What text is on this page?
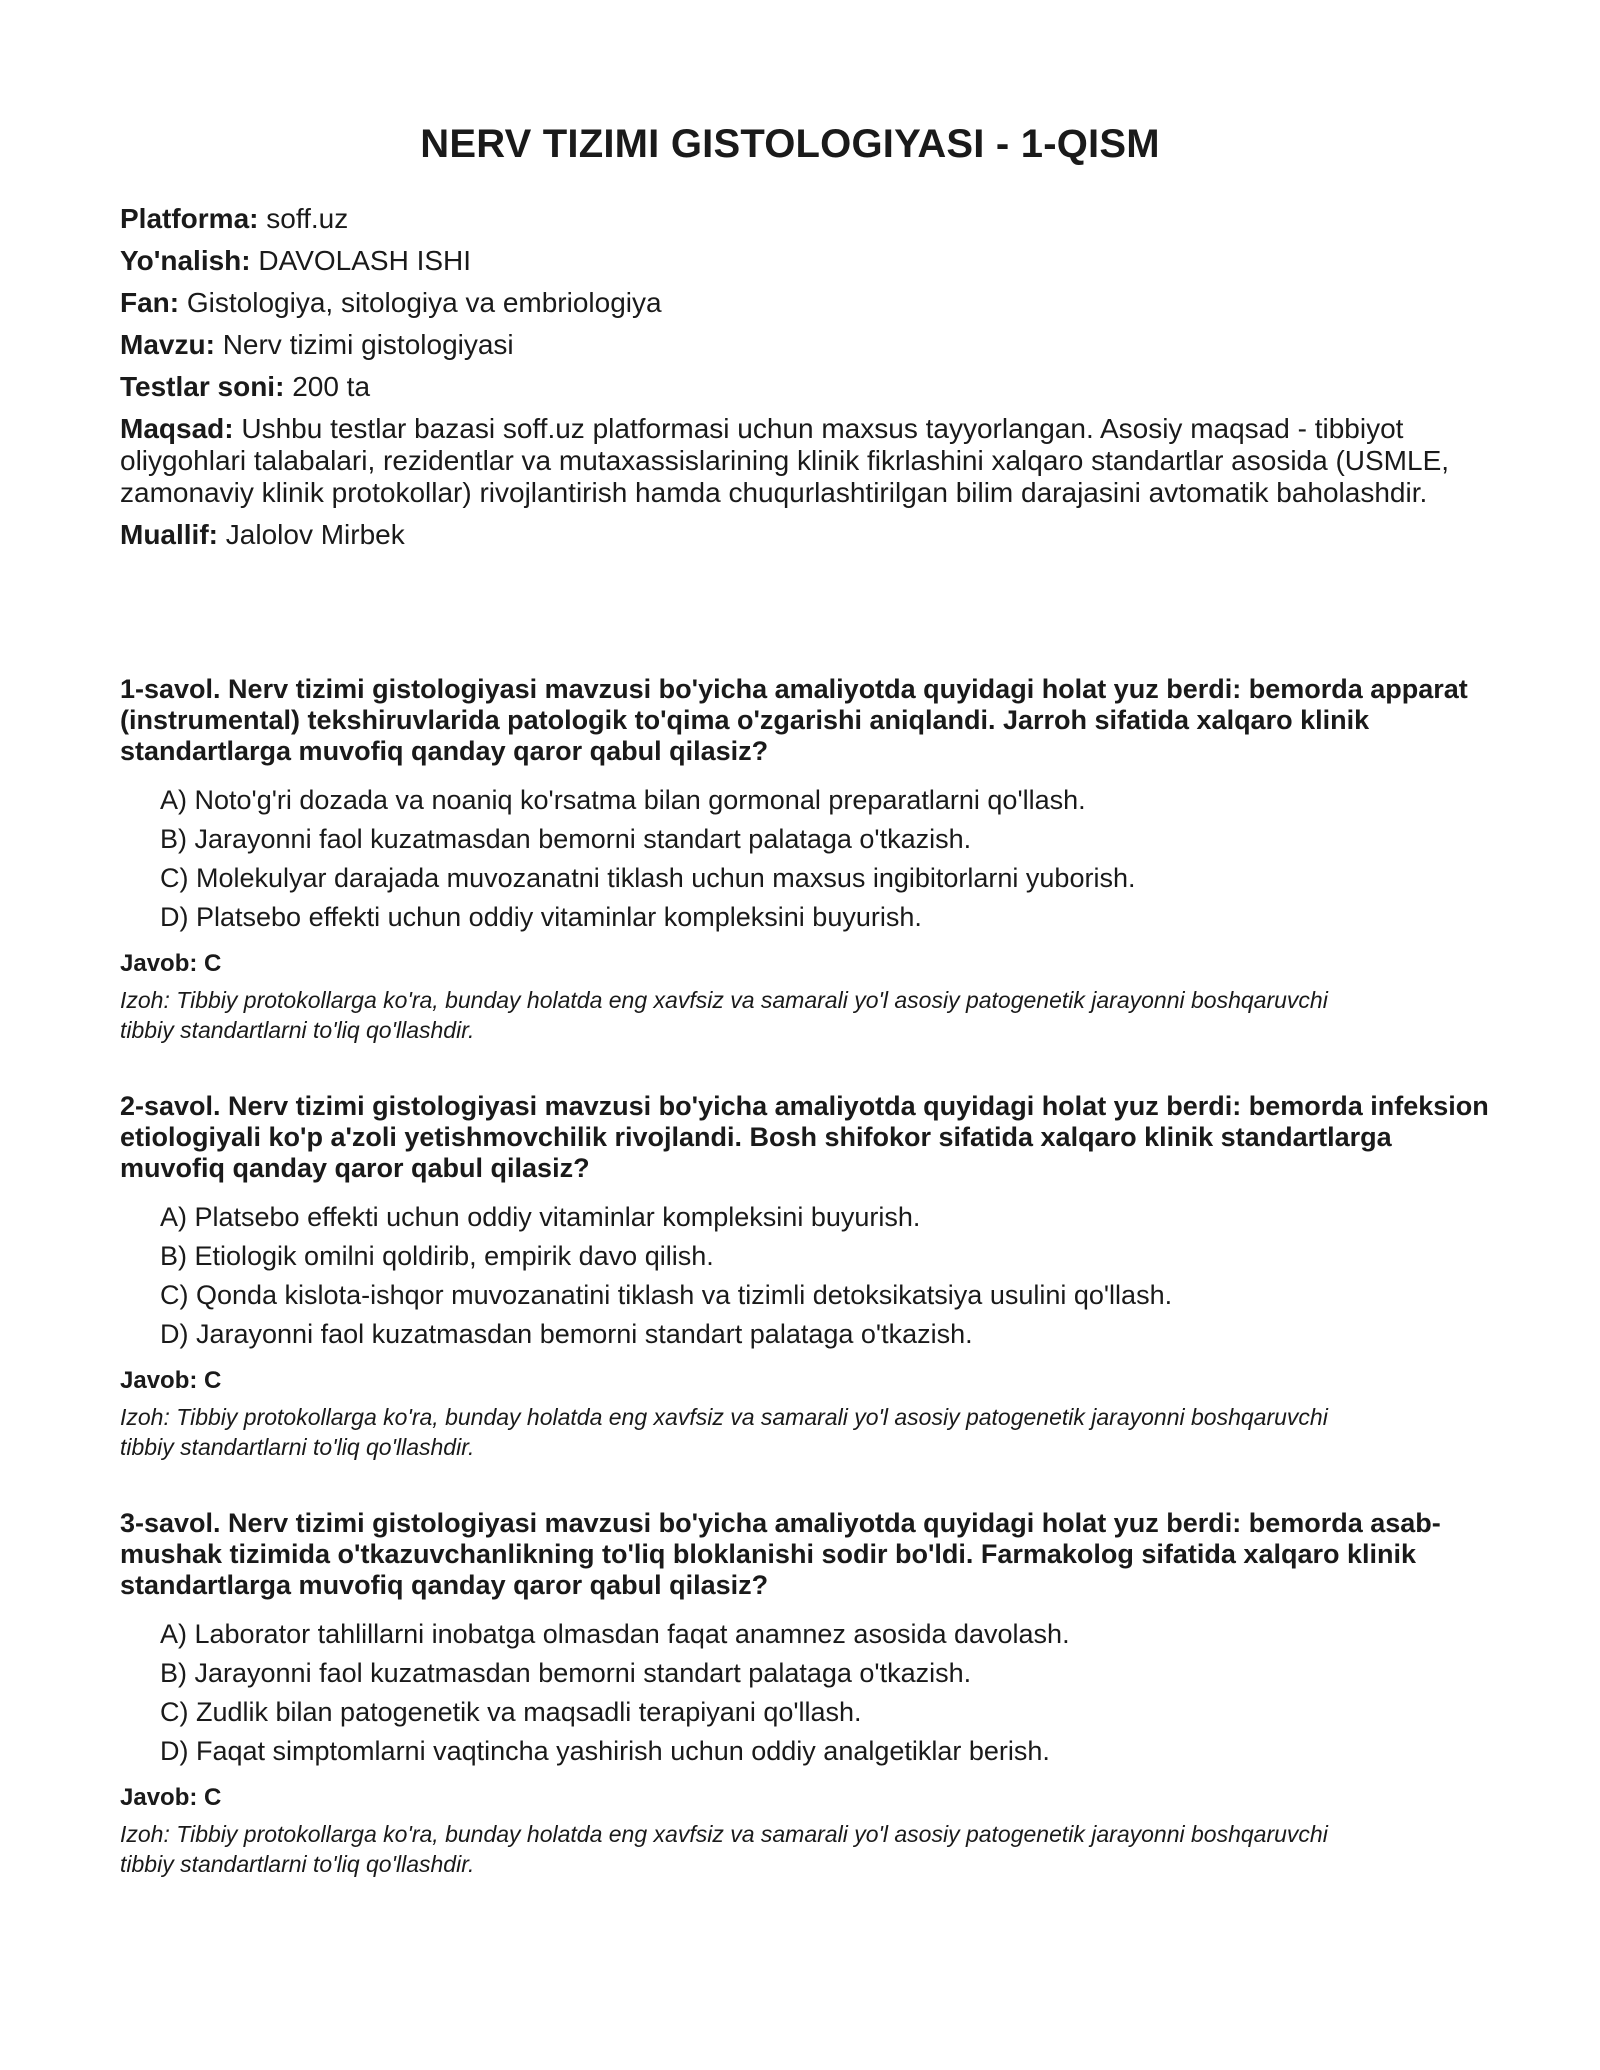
NERV TIZIMI GISTOLOGIYASI - 1-QISM

Platforma: soff.uz

Yo'nalish: DAVOLASH ISHI

Fan: Gistologiya, sitologiya va embriologiya

Mavzu: Nerv tizimi gistologiyasi

Testlar soni: 200 ta

Maqsad: Ushbu testlar bazasi soff.uz platformasi uchun maxsus tayyorlangan. Asosiy maqsad - tibbiyot oliygohlari talabalari, rezidentlar va mutaxassislarining klinik fikrlashini xalqaro standartlar asosida (USMLE, zamonaviy klinik protokollar) rivojlantirish hamda chuqurlashtirilgan bilim darajasini avtomatik baholashdir.

Muallif: Jalolov Mirbek

1-savol. Nerv tizimi gistologiyasi mavzusi bo'yicha amaliyotda quyidagi holat yuz berdi: bemorda apparat (instrumental) tekshiruvlarida patologik to'qima o'zgarishi aniqlandi. Jarroh sifatida xalqaro klinik standartlarga muvofiq qanday qaror qabul qilasiz?

A) Noto'g'ri dozada va noaniq ko'rsatma bilan gormonal preparatlarni qo'llash.
B) Jarayonni faol kuzatmasdan bemorni standart palataga o'tkazish.
C) Molekulyar darajada muvozanatni tiklash uchun maxsus ingibitorlarni yuborish.
D) Platsebo effekti uchun oddiy vitaminlar kompleksini buyurish.

Javob: C

Izoh: Tibbiy protokollarga ko'ra, bunday holatda eng xavfsiz va samarali yo'l asosiy patogenetik jarayonni boshqaruvchi tibbiy standartlarni to'liq qo'llashdir.

2-savol. Nerv tizimi gistologiyasi mavzusi bo'yicha amaliyotda quyidagi holat yuz berdi: bemorda infeksion etiologiyali ko'p a'zoli yetishmovchilik rivojlandi. Bosh shifokor sifatida xalqaro klinik standartlarga muvofiq qanday qaror qabul qilasiz?

A) Platsebo effekti uchun oddiy vitaminlar kompleksini buyurish.
B) Etiologik omilni qoldirib, empirik davo qilish.
C) Qonda kislota-ishqor muvozanatini tiklash va tizimli detoksikatsiya usulini qo'llash.
D) Jarayonni faol kuzatmasdan bemorni standart palataga o'tkazish.

Javob: C

Izoh: Tibbiy protokollarga ko'ra, bunday holatda eng xavfsiz va samarali yo'l asosiy patogenetik jarayonni boshqaruvchi tibbiy standartlarni to'liq qo'llashdir.

3-savol. Nerv tizimi gistologiyasi mavzusi bo'yicha amaliyotda quyidagi holat yuz berdi: bemorda asab-mushak tizimida o'tkazuvchanlikning to'liq bloklanishi sodir bo'ldi. Farmakolog sifatida xalqaro klinik standartlarga muvofiq qanday qaror qabul qilasiz?

A) Laborator tahlillarni inobatga olmasdan faqat anamnez asosida davolash.
B) Jarayonni faol kuzatmasdan bemorni standart palataga o'tkazish.
C) Zudlik bilan patogenetik va maqsadli terapiyani qo'llash.
D) Faqat simptomlarni vaqtincha yashirish uchun oddiy analgetiklar berish.

Javob: C

Izoh: Tibbiy protokollarga ko'ra, bunday holatda eng xavfsiz va samarali yo'l asosiy patogenetik jarayonni boshqaruvchi tibbiy standartlarni to'liq qo'llashdir.
